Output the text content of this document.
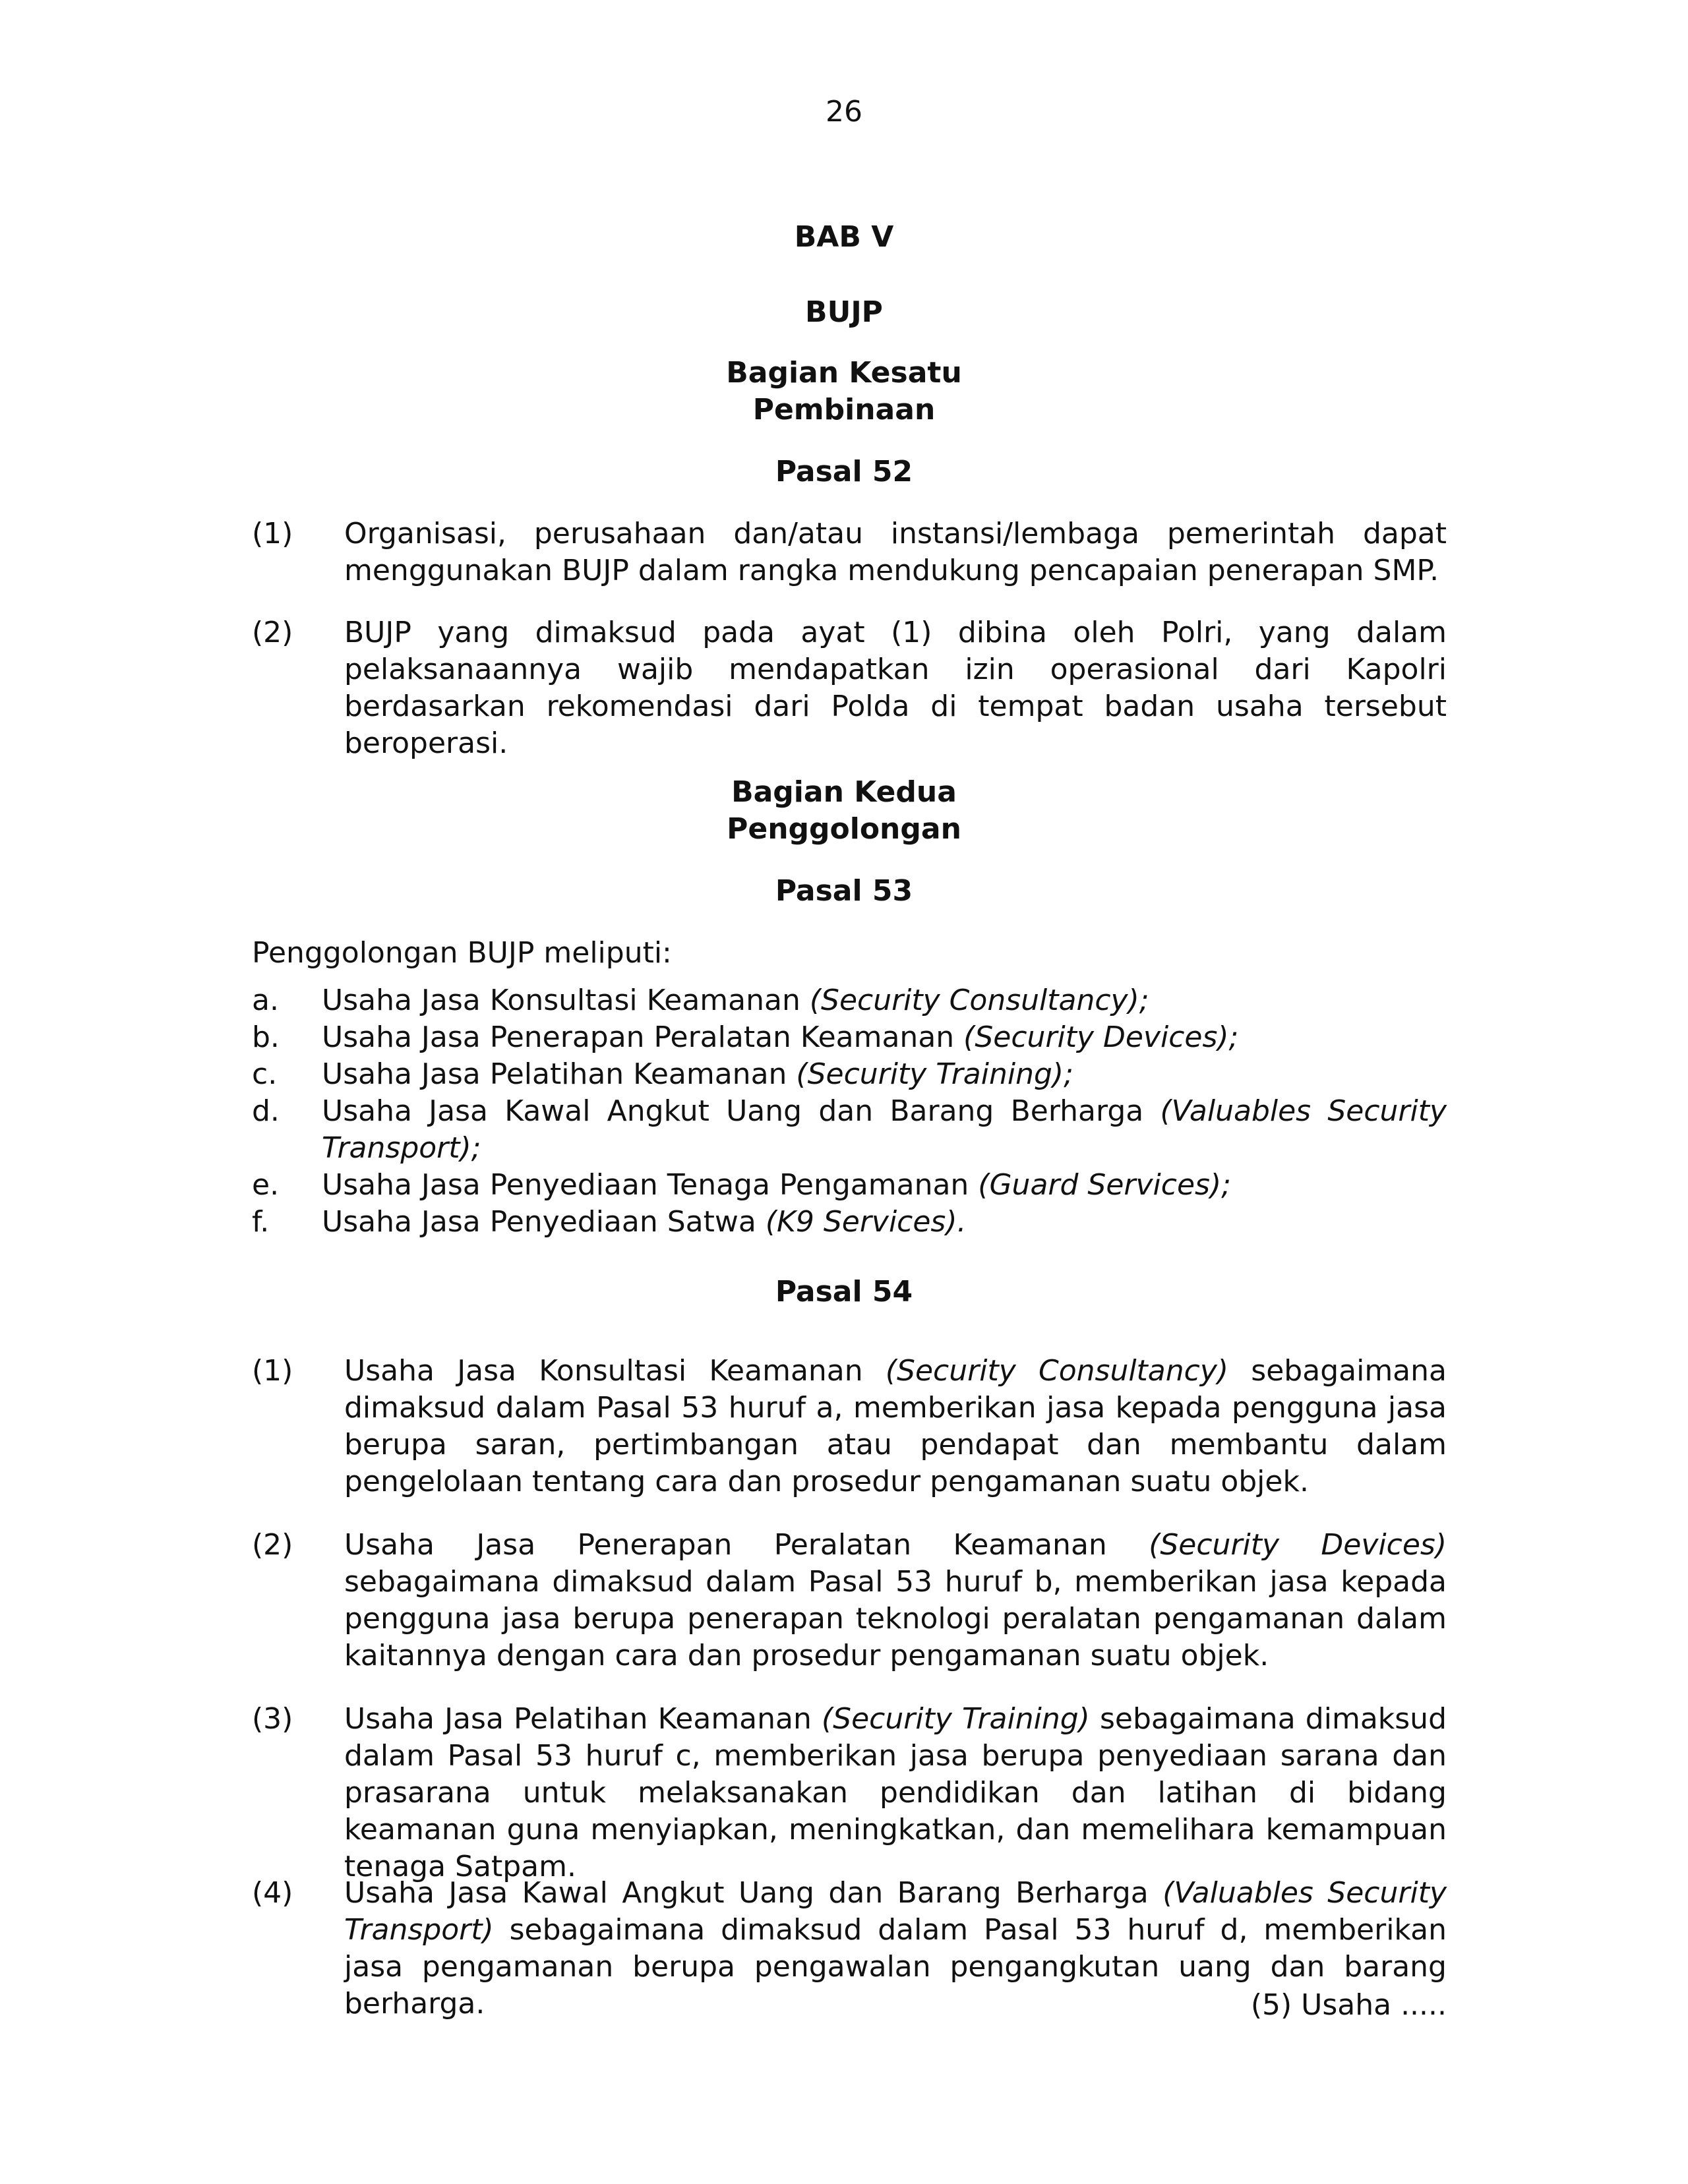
26
BAB V
BUJP
Bagian Kesatu
Pembinaan
Pasal 52
(1) Organisasi, perusahaan dan/atau instansi/lembaga pemerintah dapat menggunakan BUJP dalam rangka mendukung pencapaian penerapan SMP.
(2) BUJP yang dimaksud pada ayat (1) dibina oleh Polri, yang dalam pelaksanaannya wajib mendapatkan izin operasional dari Kapolri berdasarkan rekomendasi dari Polda di tempat badan usaha tersebut beroperasi.
Bagian Kedua
Penggolongan
Pasal 53
Penggolongan BUJP meliputi:
a. Usaha Jasa Konsultasi Keamanan (Security Consultancy);
b. Usaha Jasa Penerapan Peralatan Keamanan (Security Devices);
c. Usaha Jasa Pelatihan Keamanan (Security Training);
d. Usaha Jasa Kawal Angkut Uang dan Barang Berharga (Valuables Security Transport);
e. Usaha Jasa Penyediaan Tenaga Pengamanan (Guard Services);
f. Usaha Jasa Penyediaan Satwa (K9 Services).
Pasal 54
(1) Usaha Jasa Konsultasi Keamanan (Security Consultancy) sebagaimana dimaksud dalam Pasal 53 huruf a, memberikan jasa kepada pengguna jasa berupa saran, pertimbangan atau pendapat dan membantu dalam pengelolaan tentang cara dan prosedur pengamanan suatu objek.
(2) Usaha Jasa Penerapan Peralatan Keamanan (Security Devices) sebagaimana dimaksud dalam Pasal 53 huruf b, memberikan jasa kepada pengguna jasa berupa penerapan teknologi peralatan pengamanan dalam kaitannya dengan cara dan prosedur pengamanan suatu objek.
(3) Usaha Jasa Pelatihan Keamanan (Security Training) sebagaimana dimaksud dalam Pasal 53 huruf c, memberikan jasa berupa penyediaan sarana dan prasarana untuk melaksanakan pendidikan dan latihan di bidang keamanan guna menyiapkan, meningkatkan, dan memelihara kemampuan tenaga Satpam.
(4) Usaha Jasa Kawal Angkut Uang dan Barang Berharga (Valuables Security Transport) sebagaimana dimaksud dalam Pasal 53 huruf d, memberikan jasa pengamanan berupa pengawalan pengangkutan uang dan barang berharga.	(5) Usaha .....
